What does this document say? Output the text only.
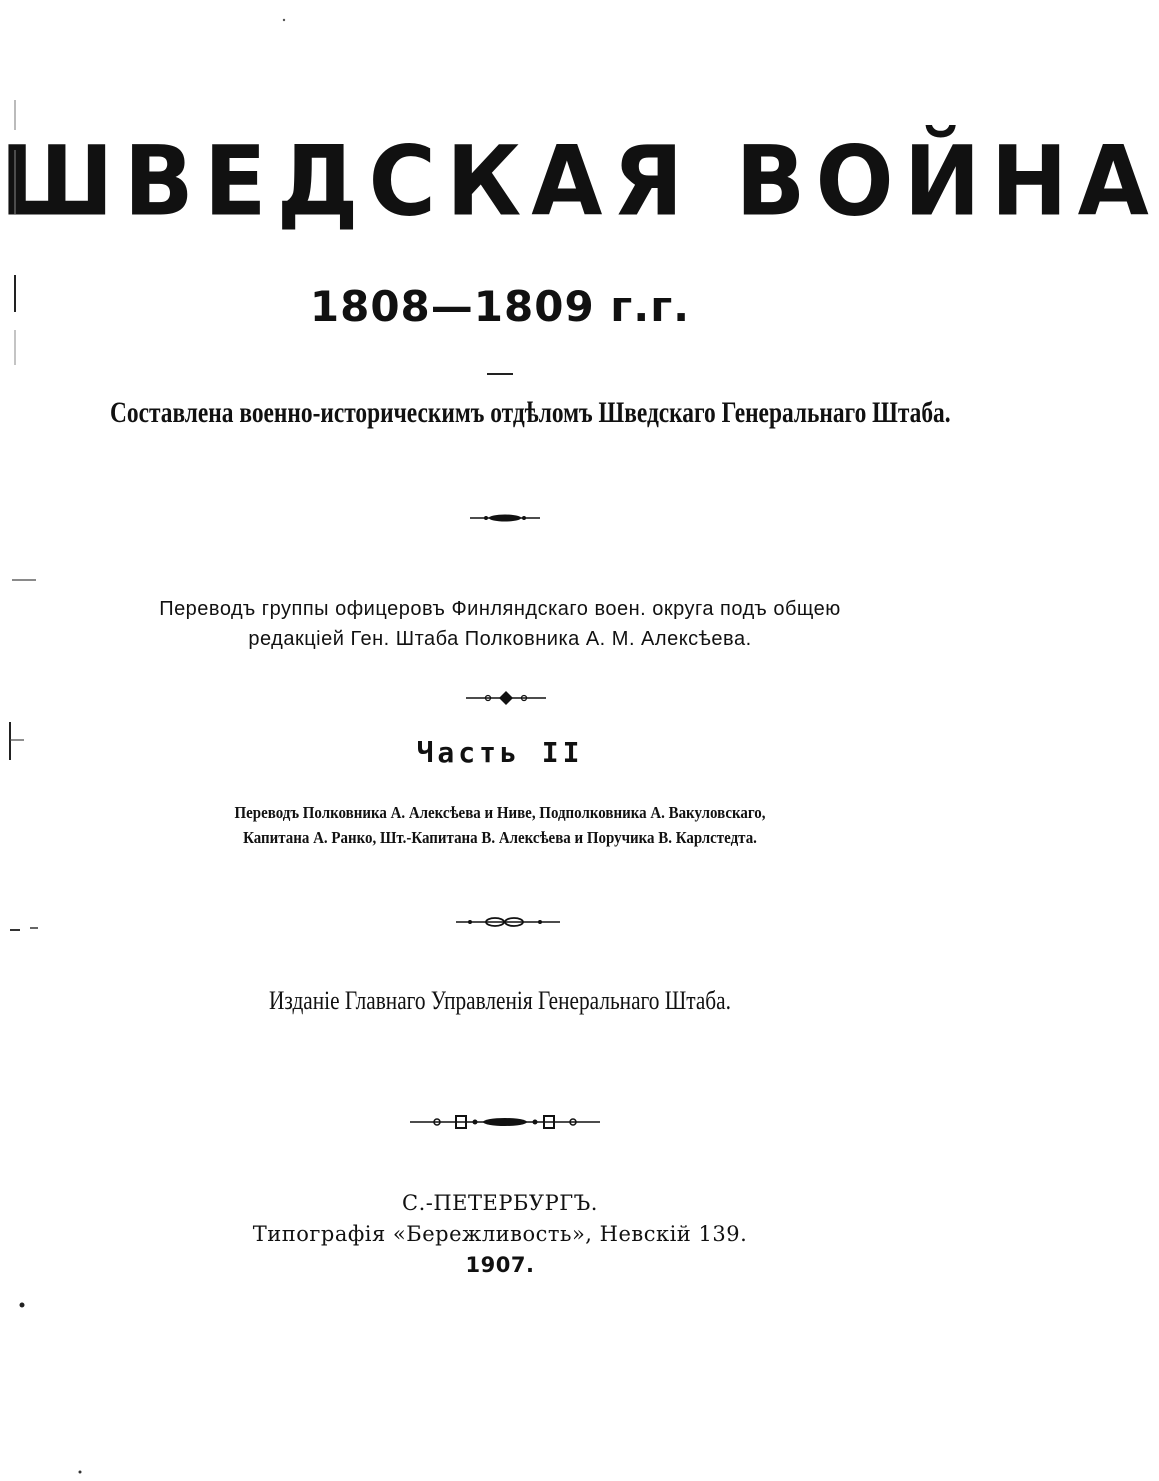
ШВЕДСКАЯ ВОЙНА
1808—1809 г.г.
Составлена военно-историческимъ отдѣломъ Шведскаго Генеральнаго Штаба.
Переводъ группы офицеровъ Финляндскаго воен. округа подъ общею
редакціей Ген. Штаба Полковника А. М. Алексѣева.
Часть II
Переводъ Полковника А. Алексѣева и Ниве, Подполковника А. Вакуловскаго,
Капитана А. Ранко, Шт.-Капитана В. Алексѣева и Поручика В. Карлстедта.
Изданіе Главнаго Управленія Генеральнаго Штаба.
С.-ПЕТЕРБУРГЪ.
Типографія «Бережливость», Невскій 139.
1907.
